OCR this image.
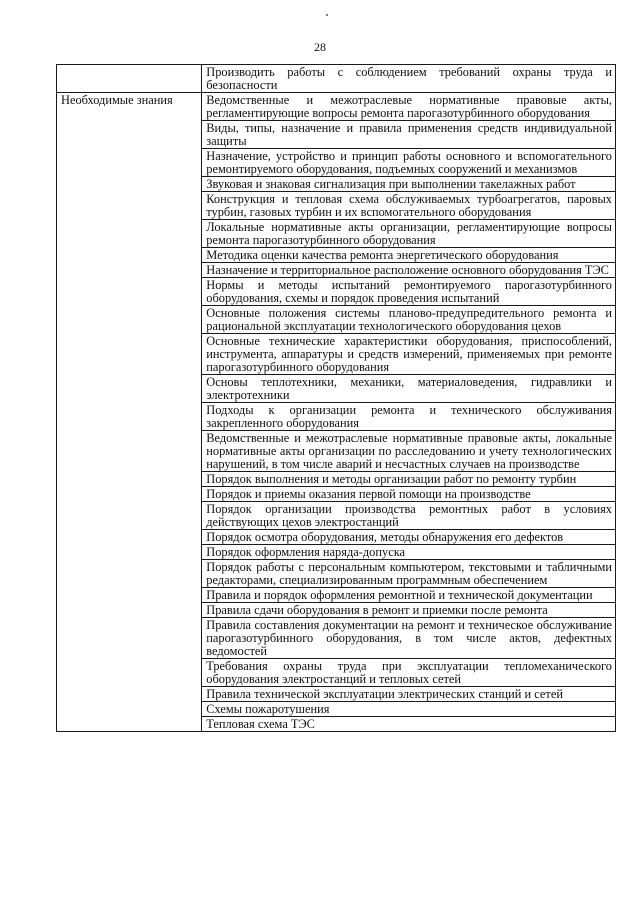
28
	Производить работы с соблюдением требований охраны труда и безопасности
Необходимые знания	Ведомственные и межотраслевые нормативные правовые акты, регламентирующие вопросы ремонта парогазотурбинного оборудования
	Виды, типы, назначение и правила применения средств индивидуальной защиты
	Назначение, устройство и принцип работы основного и вспомогательного ремонтируемого оборудования, подъемных сооружений и механизмов
	Звуковая и знаковая сигнализация при выполнении такелажных работ
	Конструкция и тепловая схема обслуживаемых турбоагрегатов, паровых турбин, газовых турбин и их вспомогательного оборудования
	Локальные нормативные акты организации, регламентирующие вопросы ремонта парогазотурбинного оборудования
	Методика оценки качества ремонта энергетического оборудования
	Назначение и территориальное расположение основного оборудования ТЭС
	Нормы и методы испытаний ремонтируемого парогазотурбинного оборудования, схемы и порядок проведения испытаний
	Основные положения системы планово-предупредительного ремонта и рациональной эксплуатации технологического оборудования цехов
	Основные технические характеристики оборудования, приспособлений, инструмента, аппаратуры и средств измерений, применяемых при ремонте парогазотурбинного оборудования
	Основы теплотехники, механики, материаловедения, гидравлики и электротехники
	Подходы к организации ремонта и технического обслуживания закрепленного оборудования
	Ведомственные и межотраслевые нормативные правовые акты, локальные нормативные акты организации по расследованию и учету технологических нарушений, в том числе аварий и несчастных случаев на производстве
	Порядок выполнения и методы организации работ по ремонту турбин
	Порядок и приемы оказания первой помощи на производстве
	Порядок организации производства ремонтных работ в условиях действующих цехов электростанций
	Порядок осмотра оборудования, методы обнаружения его дефектов
	Порядок оформления наряда-допуска
	Порядок работы с персональным компьютером, текстовыми и табличными редакторами, специализированным программным обеспечением
	Правила и порядок оформления ремонтной и технической документации
	Правила сдачи оборудования в ремонт и приемки после ремонта
	Правила составления документации на ремонт и техническое обслуживание парогазотурбинного оборудования, в том числе актов, дефектных ведомостей
	Требования охраны труда при эксплуатации тепломеханического оборудования электростанций и тепловых сетей
	Правила технической эксплуатации электрических станций и сетей
	Схемы пожаротушения
	Тепловая схема ТЭС
